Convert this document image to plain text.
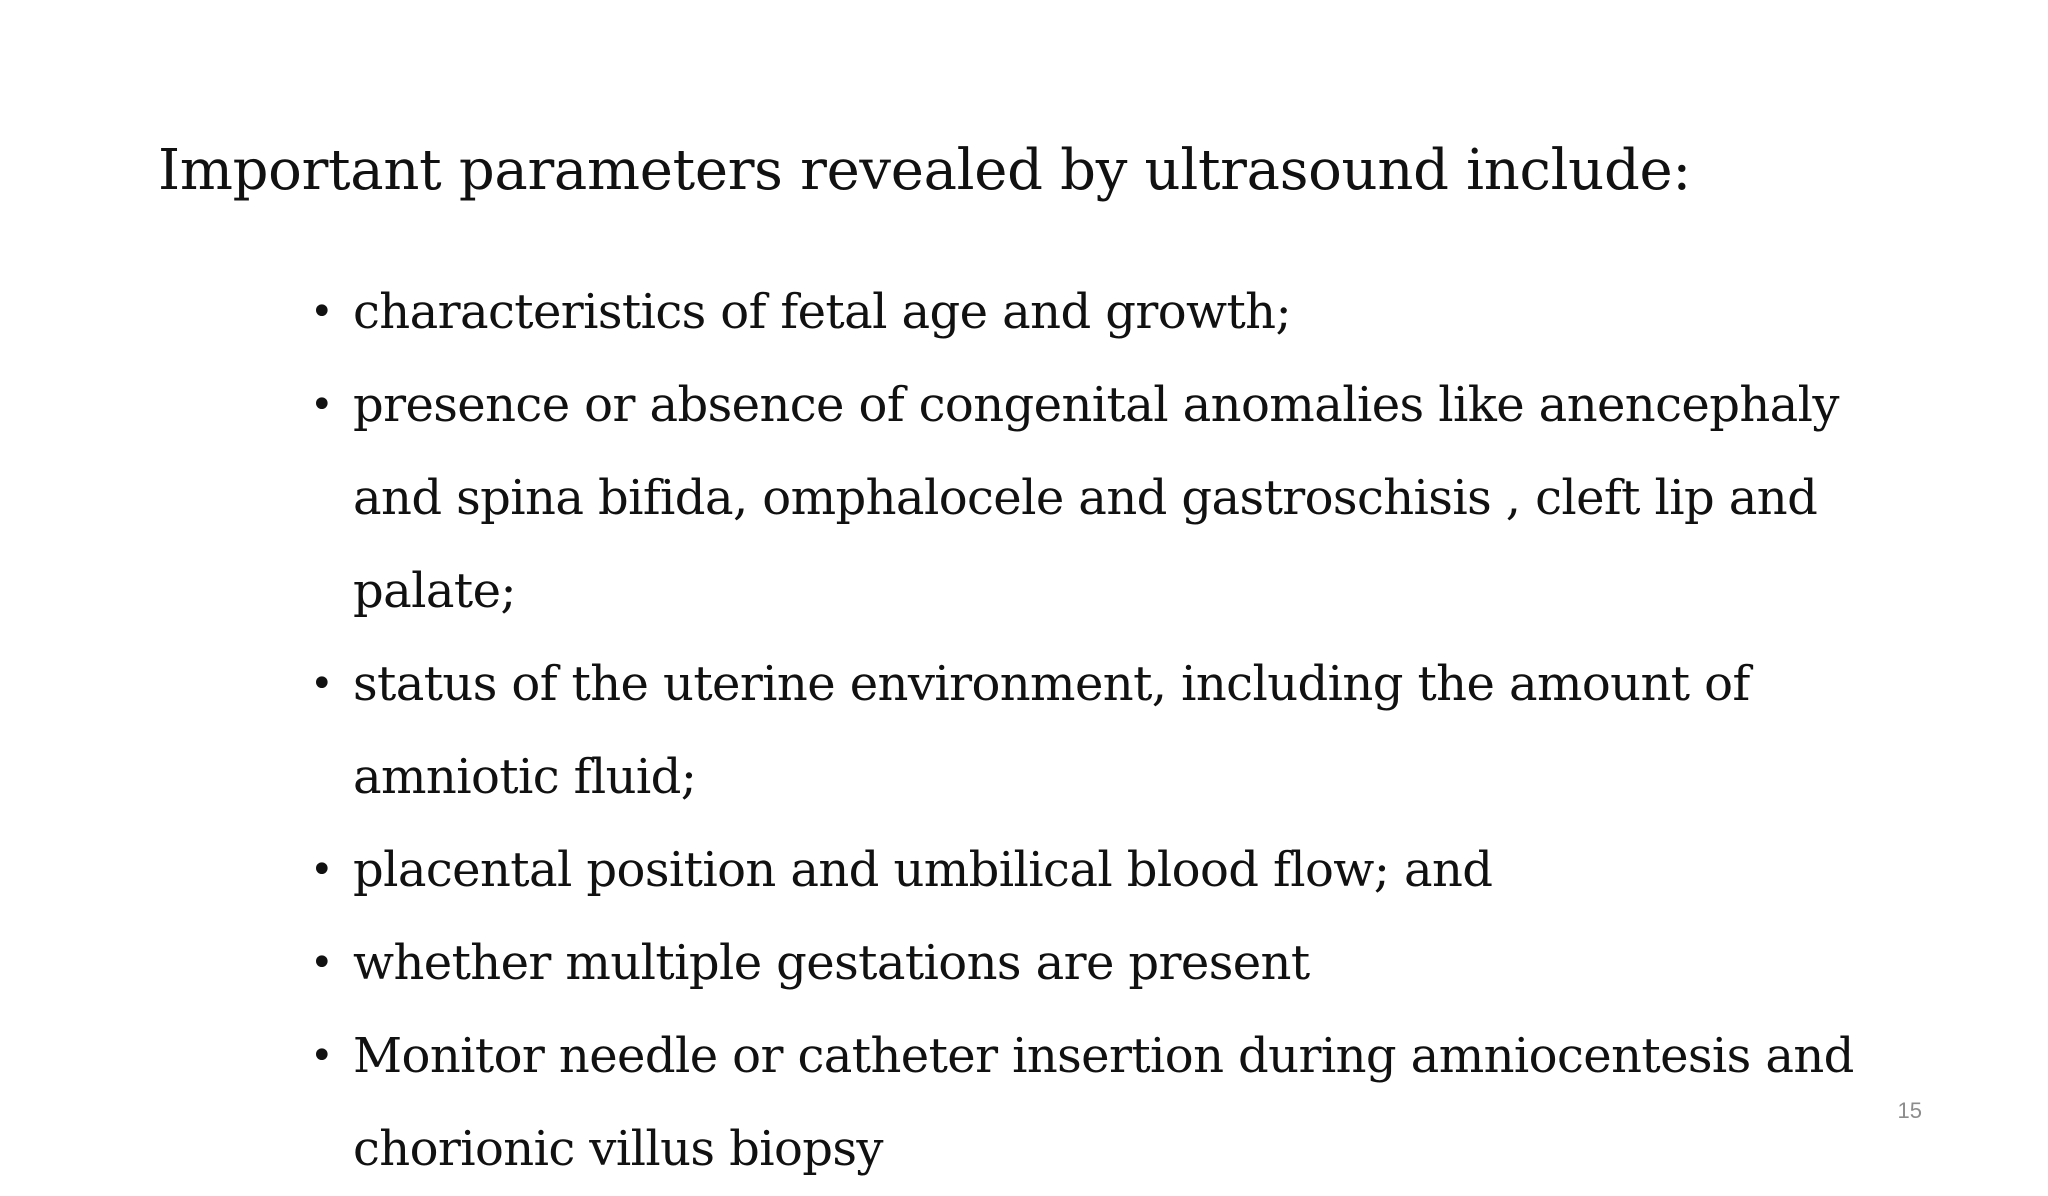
Important parameters revealed by ultrasound include:
• characteristics of fetal age and growth;
• presence or absence of congenital anomalies like anencephaly and spina bifida, omphalocele and gastroschisis , cleft lip and palate;
• status of the uterine environment, including the amount of amniotic fluid;
• placental position and umbilical blood flow; and
• whether multiple gestations are present
• Monitor needle or catheter insertion during amniocentesis and chorionic villus biopsy
15
